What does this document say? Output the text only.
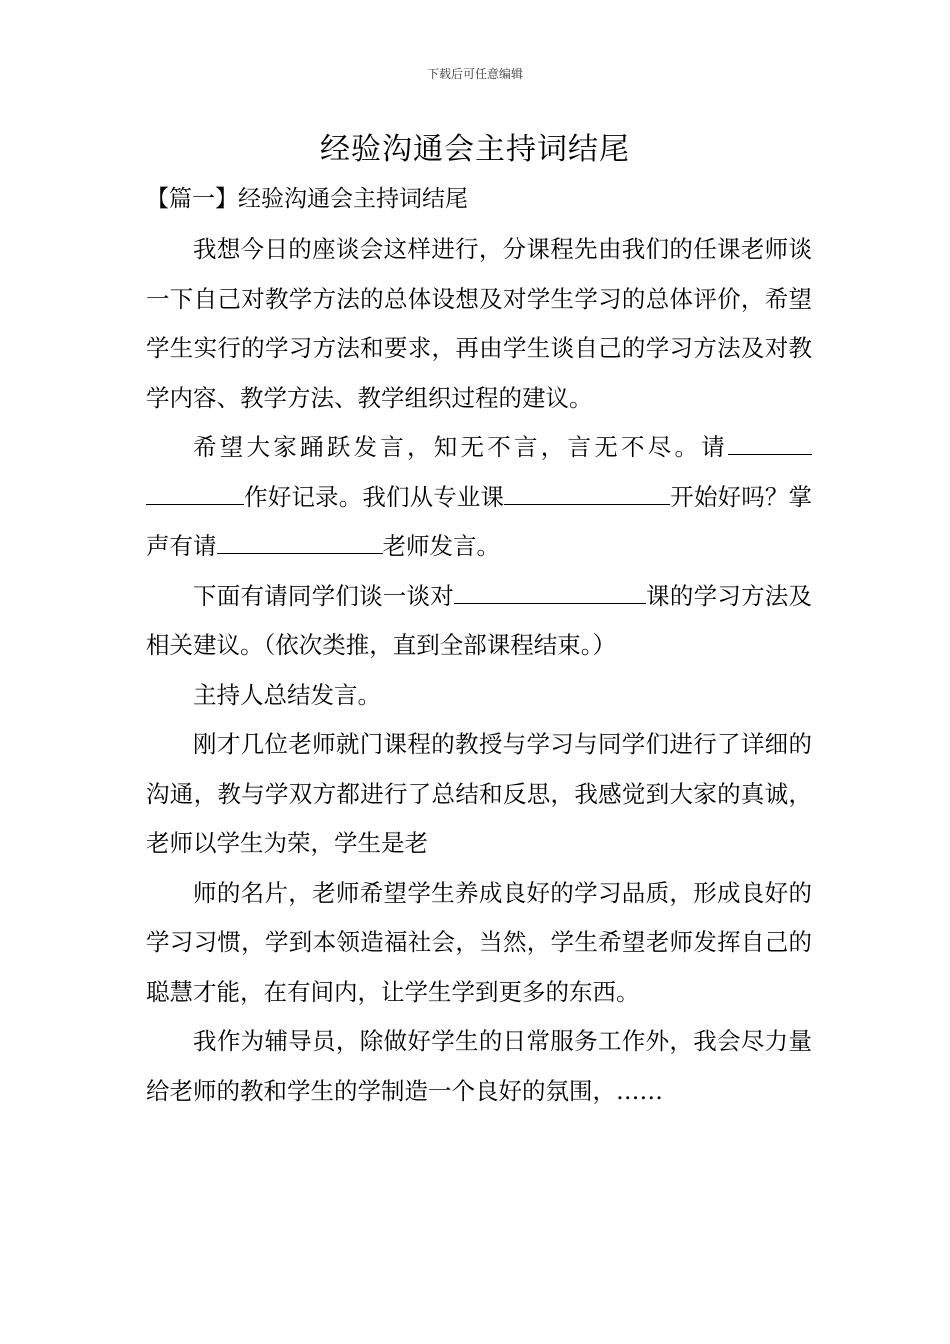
下载后可任意编辑
经验沟通会主持词结尾
【篇一】经验沟通会主持词结尾

我想今日的座谈会这样进行，分课程先由我们的任课老师谈一下自己对教学方法的总体设想及对学生学习的总体评价，希望学生实行的学习方法和要求，再由学生谈自己的学习方法及对教学内容、教学方法、教学组织过程的建议。

希望大家踊跃发言，知无不言，言无不尽。请作好记录。我们从专业课	开始好吗？掌声有请	老师发言。

下面有请同学们谈一谈对	课的学习方法及相关建议。（依次类推，直到全部课程结束。）

主持人总结发言。

刚才几位老师就门课程的教授与学习与同学们进行了详细的沟通，教与学双方都进行了总结和反思，我感觉到大家的真诚，老师以学生为荣，学生是老

师的名片，老师希望学生养成良好的学习品质，形成良好的学习习惯，学到本领造福社会，当然，学生希望老师发挥自己的聪慧才能，在有间内，让学生学到更多的东西。

我作为辅导员，除做好学生的日常服务工作外，我会尽力量给老师的教和学生的学制造一个良好的氛围，……
